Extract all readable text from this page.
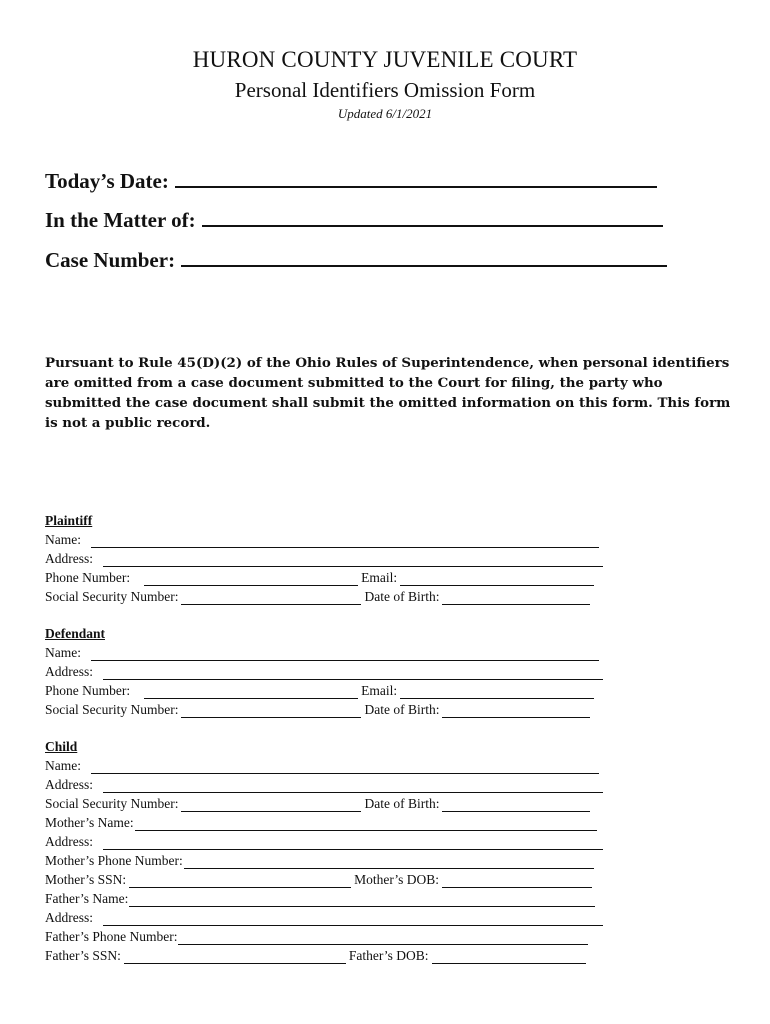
HURON COUNTY JUVENILE COURT
Personal Identifiers Omission Form
Updated 6/1/2021
Today’s Date:
In the Matter of:
Case Number:
Pursuant to Rule 45(D)(2) of the Ohio Rules of Superintendence, when personal identifiers are omitted from a case document submitted to the Court for filing, the party who submitted the case document shall submit the omitted information on this form. This form is not a public record.
Plaintiff
Name:
Address:
Phone Number:	Email:
Social Security Number:	Date of Birth:
Defendant
Name:
Address:
Phone Number:	Email:
Social Security Number:	Date of Birth:
Child
Name:
Address:
Social Security Number:	Date of Birth:
Mother’s Name:
Address:
Mother’s Phone Number:
Mother’s SSN:	Mother’s DOB:
Father’s Name:
Address:
Father’s Phone Number:
Father’s SSN:	Father’s DOB:
